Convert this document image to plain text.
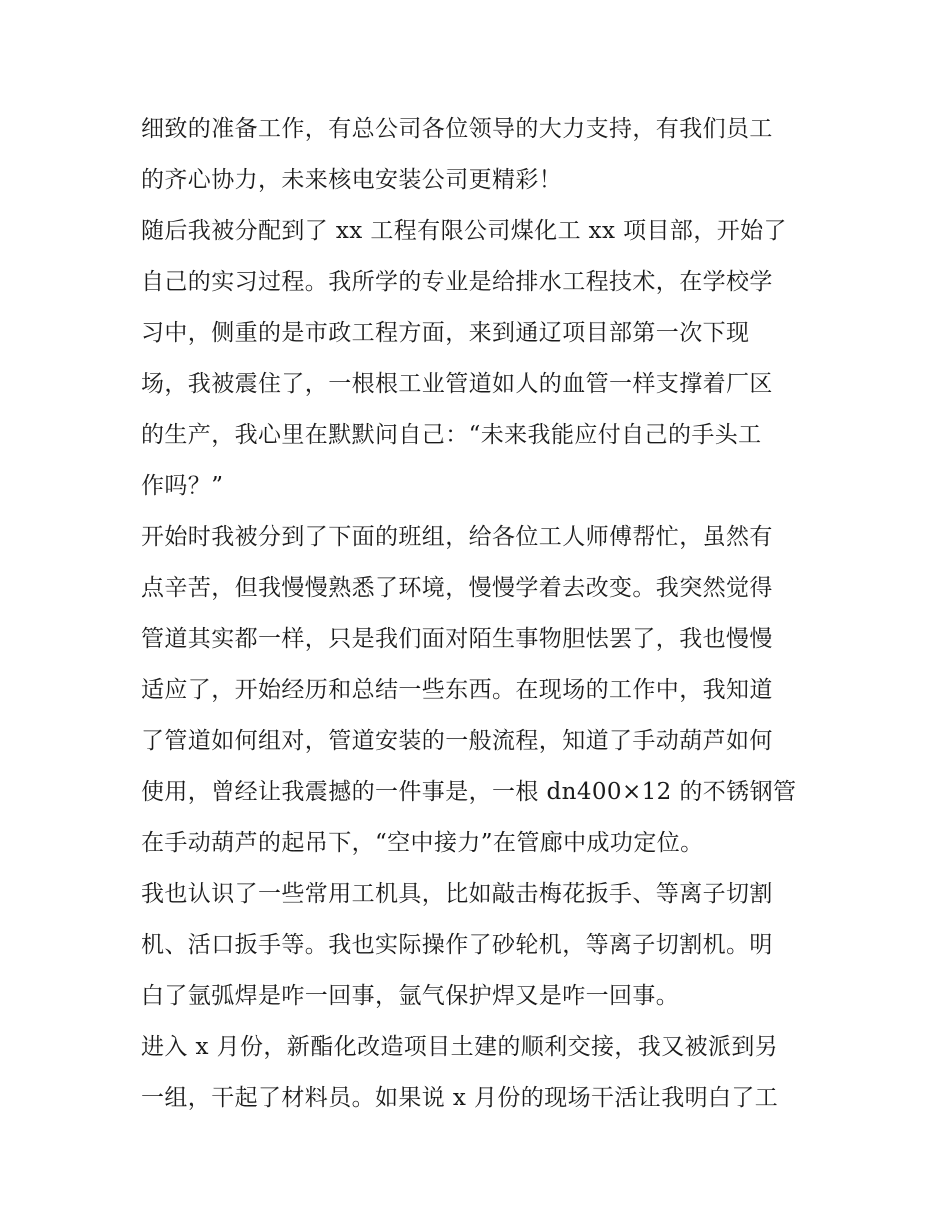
细致的准备工作，有总公司各位领导的大力支持，有我们员工
的齐心协力，未来核电安装公司更精彩！
随后我被分配到了 xx 工程有限公司煤化工 xx 项目部，开始了
自己的实习过程。我所学的专业是给排水工程技术，在学校学
习中，侧重的是市政工程方面，来到通辽项目部第一次下现
场，我被震住了，一根根工业管道如人的血管一样支撑着厂区
的生产，我心里在默默问自己：“未来我能应付自己的手头工
作吗？”
开始时我被分到了下面的班组，给各位工人师傅帮忙，虽然有
点辛苦，但我慢慢熟悉了环境，慢慢学着去改变。我突然觉得
管道其实都一样，只是我们面对陌生事物胆怯罢了，我也慢慢
适应了，开始经历和总结一些东西。在现场的工作中，我知道
了管道如何组对，管道安装的一般流程，知道了手动葫芦如何
使用，曾经让我震撼的一件事是，一根 dn400×12 的不锈钢管
在手动葫芦的起吊下，“空中接力”在管廊中成功定位。
我也认识了一些常用工机具，比如敲击梅花扳手、等离子切割
机、活口扳手等。我也实际操作了砂轮机，等离子切割机。明
白了氩弧焊是咋一回事，氩气保护焊又是咋一回事。
进入 x 月份，新酯化改造项目土建的顺利交接，我又被派到另
一组，干起了材料员。如果说 x 月份的现场干活让我明白了工
